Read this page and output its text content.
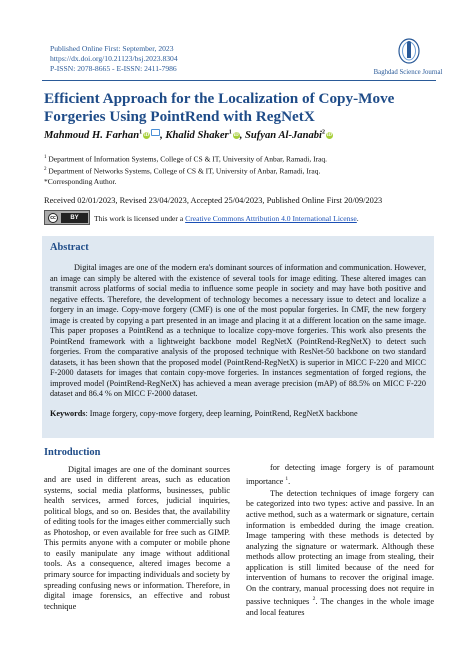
Published Online First: September, 2023
https://dx.doi.org/10.21123/bsj.2023.8304
P-ISSN: 2078-8665 - E-ISSN: 2411-7986	Baghdad Science Journal
Efficient Approach for the Localization of Copy-Move Forgeries Using PointRend with RegNetX
Mahmoud H. Farhan$^1$iD , Khalid Shaker$^1$iD, Sufyan Al-Janabi$^2$iD
$^1$ Department of Information Systems, College of CS & IT, University of Anbar, Ramadi, Iraq.
$^2$ Department of Networks Systems, College of CS & IT, University of Anbar, Ramadi, Iraq.
*Corresponding Author.
Received 02/01/2023, Revised 23/04/2023, Accepted 25/04/2023, Published Online First 20/09/2023
cc	BY	This work is licensed under a Creative Commons Attribution 4.0 International License.
Abstract

Digital images are one of the modern era's dominant sources of information and communication. However, an image can simply be altered with the existence of several tools for image editing. These altered images can transmit across platforms of social media to influence some people in society and may have both positive and negative effects. Therefore, the development of technology becomes a necessary issue to detect and localize a forgery in an image. Copy-move forgery (CMF) is one of the most popular forgeries. In CMF, the new forgery image is created by copying a part presented in an image and placing it at a different location on the same image. This paper proposes a PointRend as a technique to localize copy-move forgeries. This work also presents the PointRend framework with a lightweight backbone model RegNetX (PointRend-RegNetX) to detect such forgeries. From the comparative analysis of the proposed technique with ResNet-50 backbone on two standard datasets, it has been shown that the proposed model (PointRend-RegNetX) is superior in MICC F-220 and MICC F-2000 datasets for images that contain copy-move forgeries. In instances segmentation of forged regions, the improved model (PointRend-RegNetX) has achieved a mean average precision (mAP) of 88.5% on MICC F-220 dataset and 86.4 % on MICC F-2000 dataset.

Keywords: Image forgery, copy-move forgery, deep learning, PointRend, RegNetX backbone
Introduction

Digital images are one of the dominant sources and are used in different areas, such as education systems, social media platforms, businesses, public health services, armed forces, judicial inquiries, political blogs, and so on. Besides that, the availability of editing tools for the images either commercially such as Photoshop, or even available for free such as GIMP. This permits anyone with a computer or mobile phone to easily manipulate any image without additional tools. As a consequence, altered images become a primary source for impacting individuals and society by spreading confusing news or information. Therefore, in digital image forensics, an effective and robust technique

for detecting image forgery is of paramount importance $^1$.

The detection techniques of image forgery can be categorized into two types: active and passive. In an active method, such as a watermark or signature, certain information is embedded during the image creation. Image tampering with these methods is detected by analyzing the signature or watermark. Although these methods allow protecting an image from stealing, their application is still limited because of the need for intervention of humans to recover the original image. On the contrary, manual processing does not require in passive techniques $^2$. The changes in the whole image and local features
